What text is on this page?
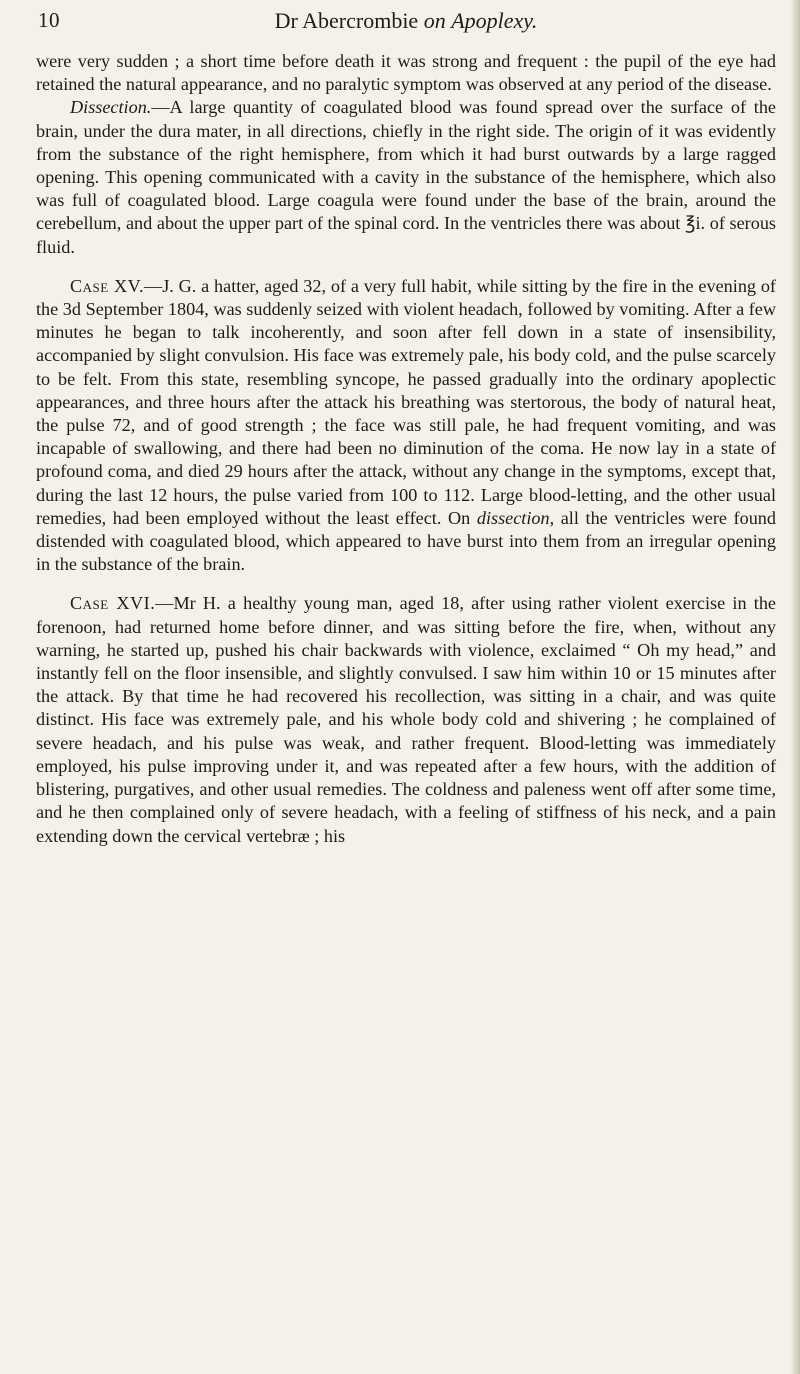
10	Dr Abercrombie on Apoplexy.

were very sudden ; a short time before death it was strong and frequent : the pupil of the eye had retained the natural appearance, and no paralytic symptom was observed at any period of the disease.

Dissection.—A large quantity of coagulated blood was found spread over the surface of the brain, under the dura mater, in all directions, chiefly in the right side. The origin of it was evidently from the substance of the right hemisphere, from which it had burst outwards by a large ragged opening. This opening communicated with a cavity in the substance of the hemisphere, which also was full of coagulated blood. Large coagula were found under the base of the brain, around the cerebellum, and about the upper part of the spinal cord. In the ventricles there was about ℥i. of serous fluid.

Case XV.—J. G. a hatter, aged 32, of a very full habit, while sitting by the fire in the evening of the 3d September 1804, was suddenly seized with violent headach, followed by vomiting. After a few minutes he began to talk incoherently, and soon after fell down in a state of insensibility, accompanied by slight convulsion. His face was extremely pale, his body cold, and the pulse scarcely to be felt. From this state, resembling syncope, he passed gradually into the ordinary apoplectic appearances, and three hours after the attack his breathing was stertorous, the body of natural heat, the pulse 72, and of good strength ; the face was still pale, he had frequent vomiting, and was incapable of swallowing, and there had been no diminution of the coma. He now lay in a state of profound coma, and died 29 hours after the attack, without any change in the symptoms, except that, during the last 12 hours, the pulse varied from 100 to 112. Large blood-letting, and the other usual remedies, had been employed without the least effect. On dissection, all the ventricles were found distended with coagulated blood, which appeared to have burst into them from an irregular opening in the substance of the brain.

Case XVI.—Mr H. a healthy young man, aged 18, after using rather violent exercise in the forenoon, had returned home before dinner, and was sitting before the fire, when, without any warning, he started up, pushed his chair backwards with violence, exclaimed “ Oh my head,” and instantly fell on the floor insensible, and slightly convulsed. I saw him within 10 or 15 minutes after the attack. By that time he had recovered his recollection, was sitting in a chair, and was quite distinct. His face was extremely pale, and his whole body cold and shivering ; he complained of severe headach, and his pulse was weak, and rather frequent. Blood-letting was immediately employed, his pulse improving under it, and was repeated after a few hours, with the addition of blistering, purgatives, and other usual remedies. The coldness and paleness went off after some time, and he then complained only of severe headach, with a feeling of stiffness of his neck, and a pain extending down the cervical vertebræ ; his
